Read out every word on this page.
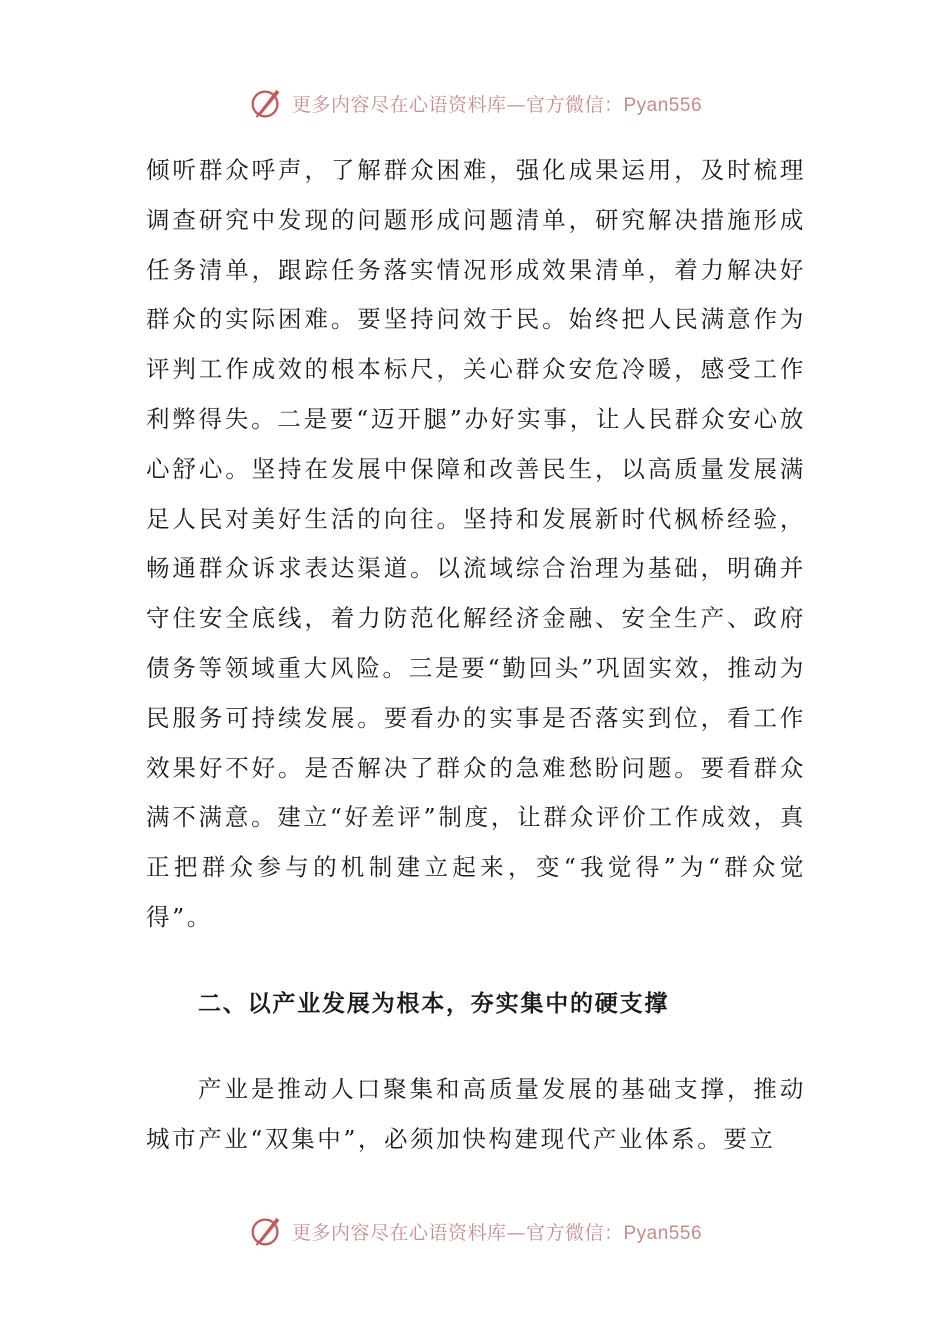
更多内容尽在心语资料库—官方微信：Pyan556

倾听群众呼声，了解群众困难，强化成果运用，及时梳理调查研究中发现的问题形成问题清单，研究解决措施形成任务清单，跟踪任务落实情况形成效果清单，着力解决好群众的实际困难。要坚持问效于民。始终把人民满意作为评判工作成效的根本标尺，关心群众安危冷暖，感受工作利弊得失。二是要“迈开腿”办好实事，让人民群众安心放心舒心。坚持在发展中保障和改善民生，以高质量发展满足人民对美好生活的向往。坚持和发展新时代枫桥经验，畅通群众诉求表达渠道。以流域综合治理为基础，明确并守住安全底线，着力防范化解经济金融、安全生产、政府债务等领域重大风险。三是要“勤回头”巩固实效，推动为民服务可持续发展。要看办的实事是否落实到位，看工作效果好不好。是否解决了群众的急难愁盼问题。要看群众满不满意。建立“好差评”制度，让群众评价工作成效，真正把群众参与的机制建立起来，变“我觉得”为“群众觉得”。

二、以产业发展为根本，夯实集中的硬支撑

产业是推动人口聚集和高质量发展的基础支撑，推动城市产业“双集中”，必须加快构建现代产业体系。要立

更多内容尽在心语资料库—官方微信：Pyan556
